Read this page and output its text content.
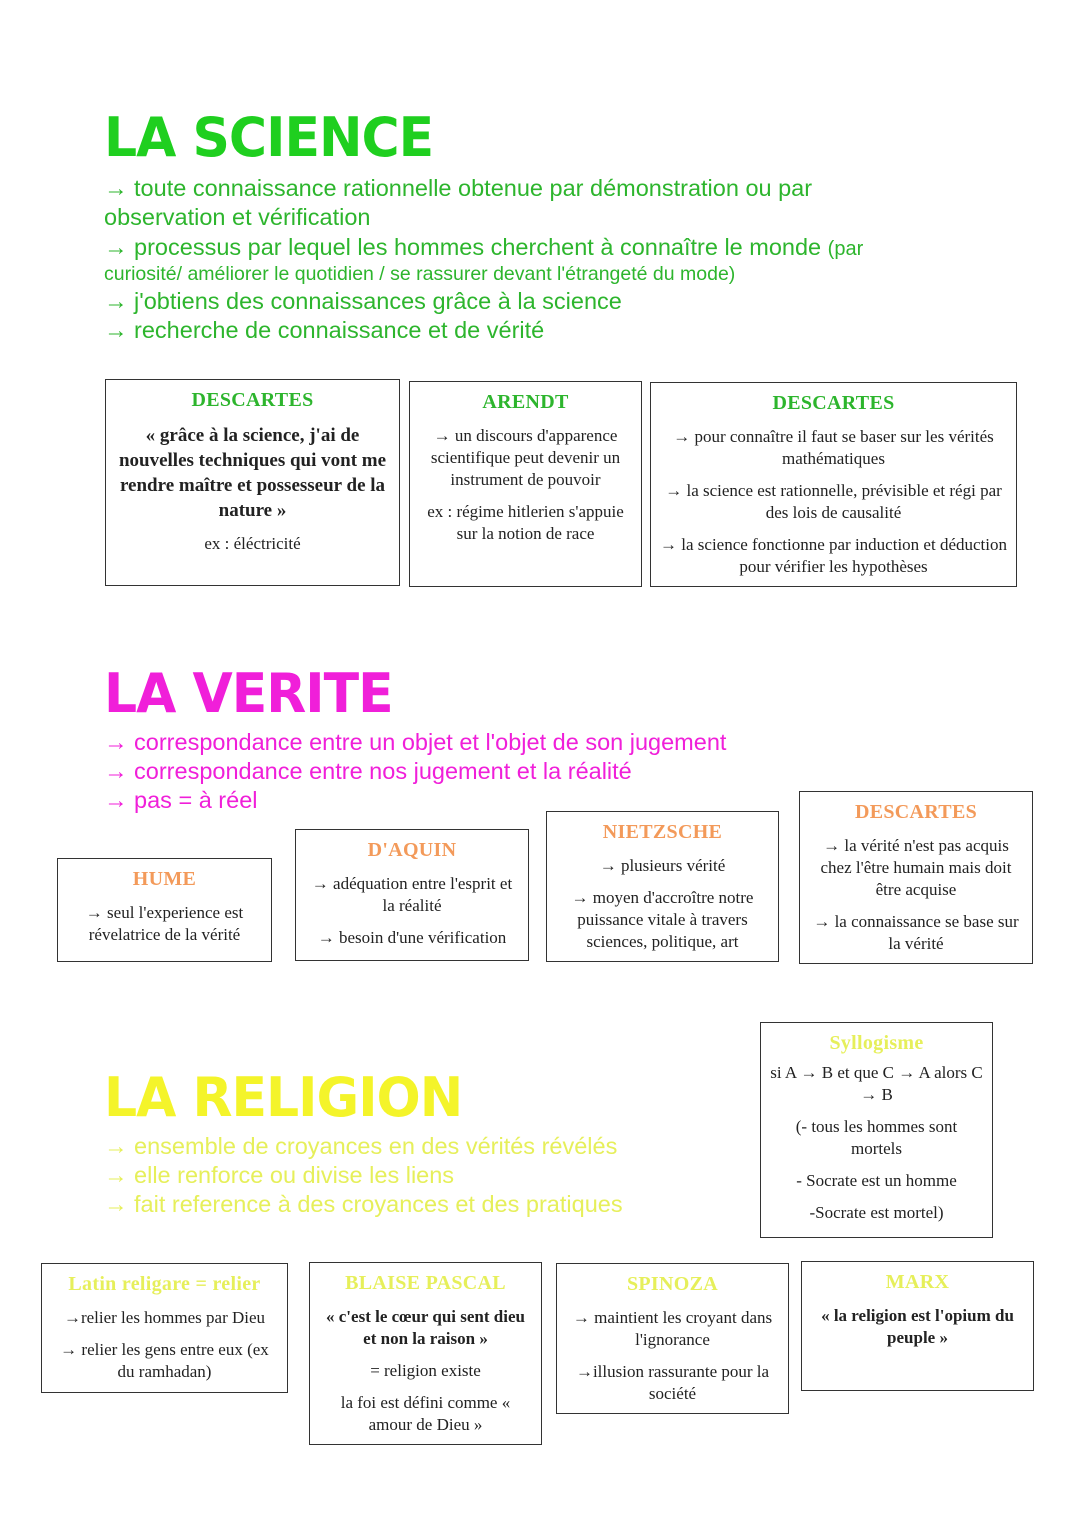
LA SCIENCE
→ toute connaissance rationnelle obtenue par démonstration ou par
observation et vérification
→ processus par lequel les hommes cherchent à connaître le monde (par
curiosité/ améliorer le quotidien / se rassurer devant l'étrangeté du mode)
→ j'obtiens des connaissances grâce à la science
→ recherche de connaissance et de vérité
DESCARTES

« grâce à la science, j'ai de nouvelles techniques qui vont me rendre maître et possesseur de la nature »

ex : éléctricité

ARENDT

→ un discours d'apparence scientifique peut devenir un instrument de pouvoir

ex : régime hitlerien s'appuie sur la notion de race

DESCARTES

→ pour connaître il faut se baser sur les vérités mathématiques

→ la science est rationnelle, prévisible et régi par des lois de causalité

→ la science fonctionne par induction et déduction pour vérifier les hypothèses

LA VERITE
→ correspondance entre un objet et l'objet de son jugement
→ correspondance entre nos jugement et la réalité
→ pas = à réel
HUME

→ seul l'experience est révelatrice de la vérité

D'AQUIN

→ adéquation entre l'esprit et la réalité

→ besoin d'une vérification

NIETZSCHE

→ plusieurs vérité

→ moyen d'accroître notre puissance vitale à travers sciences, politique, art

DESCARTES

→ la vérité n'est pas acquis chez l'être humain mais doit être acquise

→ la connaissance se base sur la vérité

LA RELIGION
→ ensemble de croyances en des vérités révélés
→ elle renforce ou divise les liens
→ fait reference à des croyances et des pratiques
Syllogisme

si A → B et que C → A alors C → B

(- tous les hommes sont mortels

- Socrate est un homme

-Socrate est mortel)

Latin religare = relier

→relier les hommes par Dieu

→ relier les gens entre eux (ex du ramhadan)

BLAISE PASCAL

« c'est le cœur qui sent dieu et non la raison »

= religion existe

la foi est défini comme « amour de Dieu »

SPINOZA

→ maintient les croyant dans l'ignorance

→illusion rassurante pour la société

MARX

« la religion est l'opium du peuple »
